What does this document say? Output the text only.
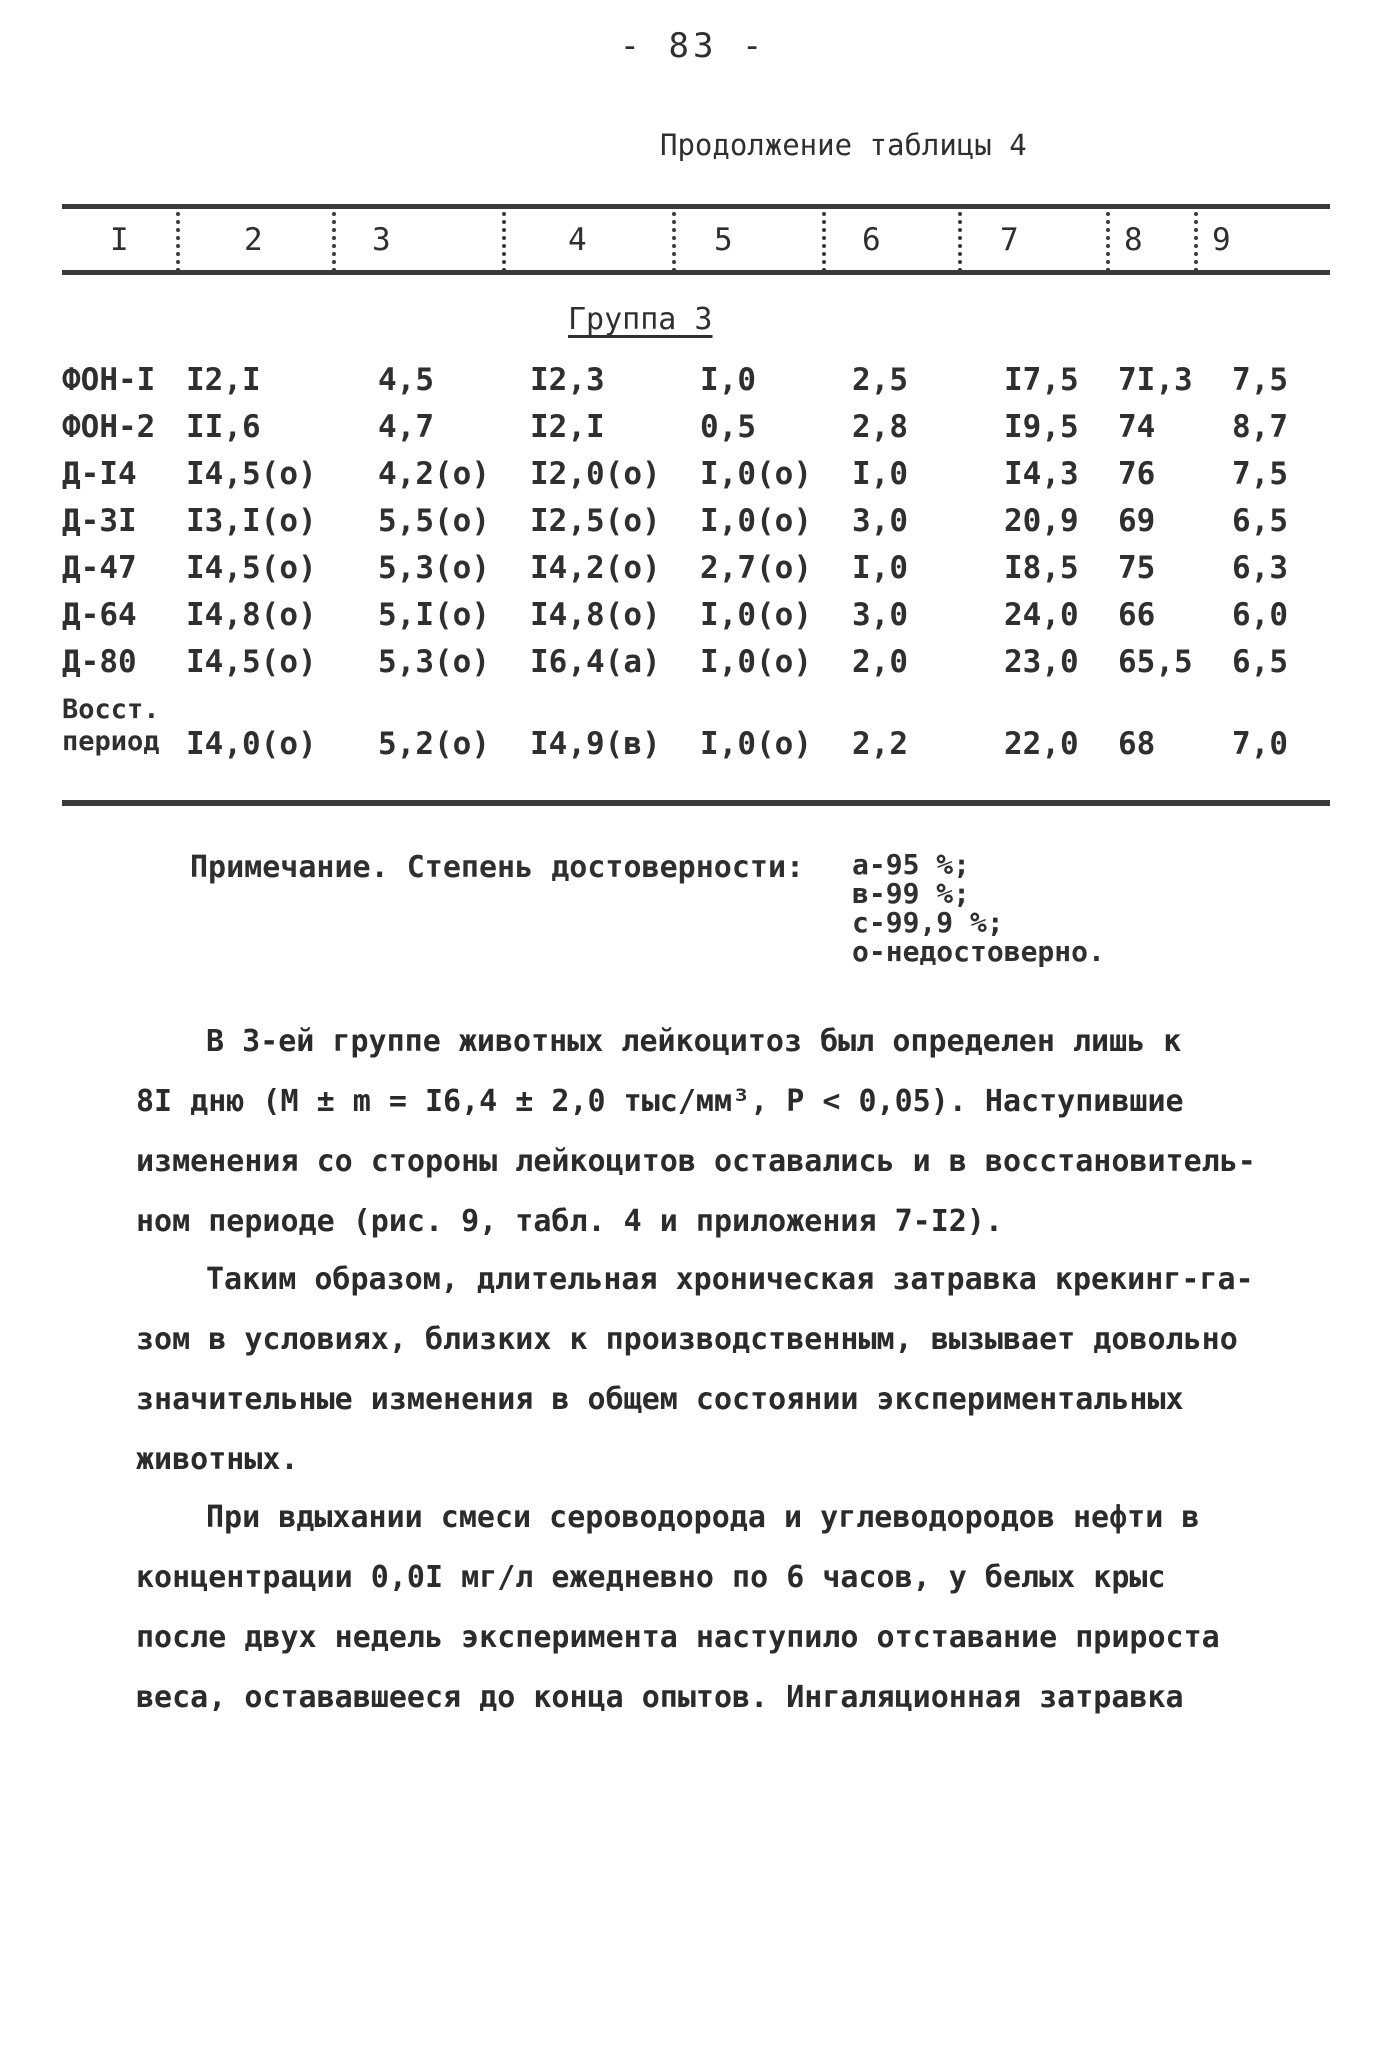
- 83 -
Продолжение таблицы 4
I	2	3	4	5	6	7	8 9
Группа 3
ФОН-I I2,I	4,5	I2,3	I,0	2,5	I7,5 7I,3 7,5
ФОН-2 II,6	4,7	I2,I	0,5	2,8	I9,5 74 8,7
Д-I4 I4,5(о) 4,2(о) I2,0(о) I,0(о) I,0	I4,3 76 7,5
Д-3I I3,I(о) 5,5(о) I2,5(о) I,0(о) 3,0	20,9 69 6,5
Д-47 I4,5(о) 5,3(о) I4,2(о) 2,7(о) I,0	I8,5 75 6,3
Д-64 I4,8(о) 5,I(о) I4,8(о) I,0(о) 3,0	24,0 66 6,0
Д-80 I4,5(о) 5,3(о) I6,4(а) I,0(о) 2,0	23,0 65,5 6,5
Восст. период I4,0(о) 5,2(о) I4,9(в) I,0(о) 2,2	22,0 68 7,0
Примечание. Степень достоверности: а-95 %;
в-99 %;
с-99,9 %;
о-недостоверно.
В 3-ей группе животных лейкоцитоз был определен лишь к
8I дню (М ± m = I6,4 ± 2,0 тыс/мм³, Р < 0,05). Наступившие
изменения со стороны лейкоцитов оставались и в восстановитель-
ном периоде (рис. 9, табл. 4 и приложения 7-I2).
Таким образом, длительная хроническая затравка крекинг-га-
зом в условиях, близких к производственным, вызывает довольно
значительные изменения в общем состоянии экспериментальных
животных.
При вдыхании смеси сероводорода и углеводородов нефти в
концентрации 0,0I мг/л ежедневно по 6 часов, у белых крыс
после двух недель эксперимента наступило отставание прироста
веса, остававшееся до конца опытов. Ингаляционная затравка
